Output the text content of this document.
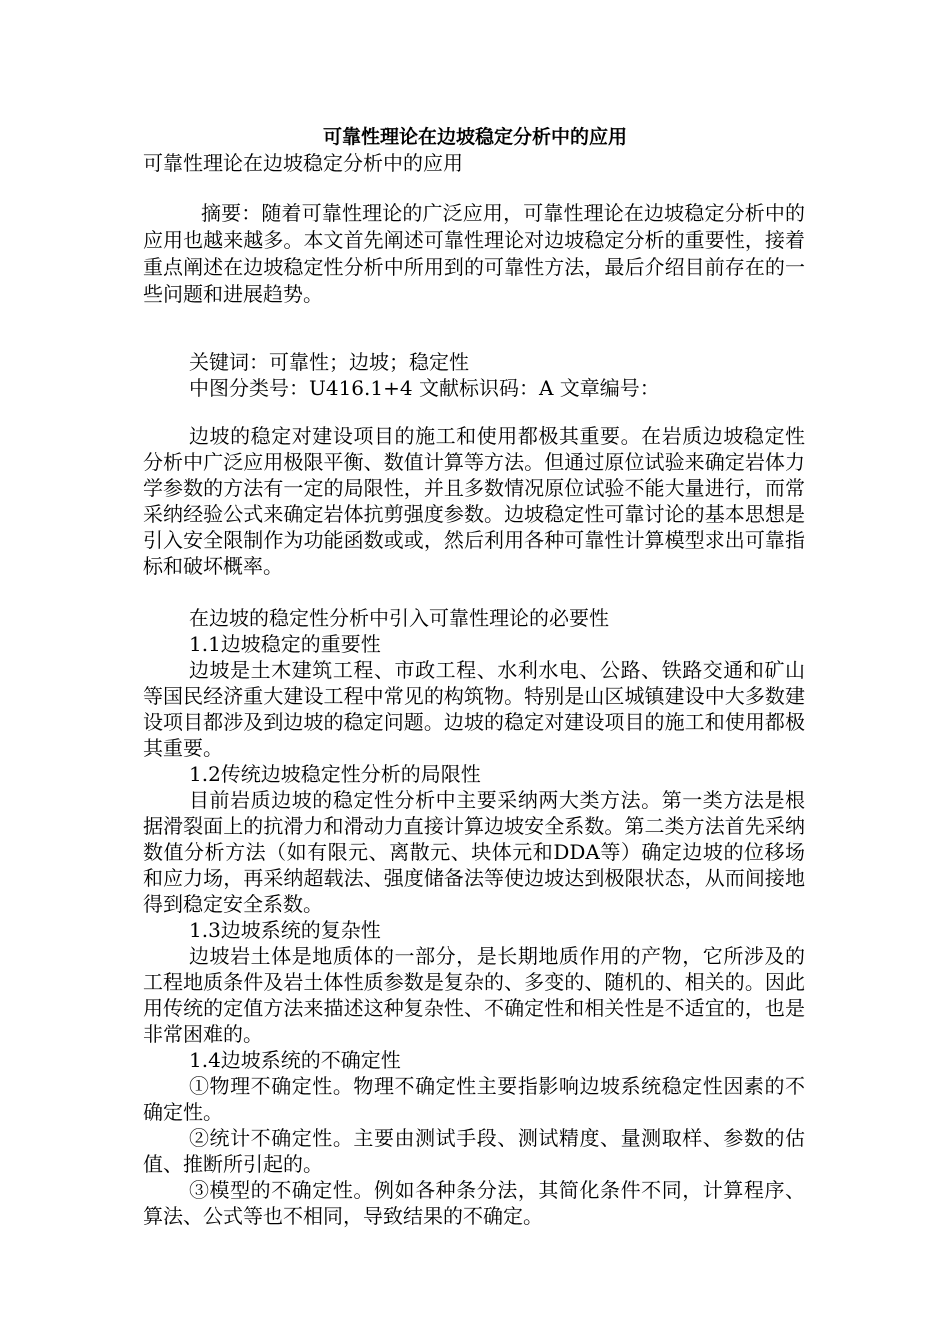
可靠性理论在边坡稳定分析中的应用
可靠性理论在边坡稳定分析中的应用

摘要：随着可靠性理论的广泛应用，可靠性理论在边坡稳定分析中的应用也越来越多。本文首先阐述可靠性理论对边坡稳定分析的重要性，接着重点阐述在边坡稳定性分析中所用到的可靠性方法，最后介绍目前存在的一些问题和进展趋势。

关键词：可靠性；边坡；稳定性

中图分类号：U416.1+4 文献标识码：A 文章编号：

边坡的稳定对建设项目的施工和使用都极其重要。在岩质边坡稳定性分析中广泛应用极限平衡、数值计算等方法。但通过原位试验来确定岩体力学参数的方法有一定的局限性，并且多数情况原位试验不能大量进行，而常采纳经验公式来确定岩体抗剪强度参数。边坡稳定性可靠讨论的基本思想是引入安全限制作为功能函数或或，然后利用各种可靠性计算模型求出可靠指标和破坏概率。

在边坡的稳定性分析中引入可靠性理论的必要性

1.1边坡稳定的重要性

边坡是土木建筑工程、市政工程、水利水电、公路、铁路交通和矿山等国民经济重大建设工程中常见的构筑物。特别是山区城镇建设中大多数建设项目都涉及到边坡的稳定问题。边坡的稳定对建设项目的施工和使用都极其重要。

1.2传统边坡稳定性分析的局限性

目前岩质边坡的稳定性分析中主要采纳两大类方法。第一类方法是根据滑裂面上的抗滑力和滑动力直接计算边坡安全系数。第二类方法首先采纳数值分析方法（如有限元、离散元、块体元和DDA等）确定边坡的位移场和应力场，再采纳超载法、强度储备法等使边坡达到极限状态，从而间接地得到稳定安全系数。

1.3边坡系统的复杂性

边坡岩土体是地质体的一部分，是长期地质作用的产物，它所涉及的工程地质条件及岩土体性质参数是复杂的、多变的、随机的、相关的。因此用传统的定值方法来描述这种复杂性、不确定性和相关性是不适宜的，也是非常困难的。

1.4边坡系统的不确定性

①物理不确定性。物理不确定性主要指影响边坡系统稳定性因素的不确定性。

②统计不确定性。主要由测试手段、测试精度、量测取样、参数的估值、推断所引起的。

③模型的不确定性。例如各种条分法，其简化条件不同，计算程序、算法、公式等也不相同，导致结果的不确定。
